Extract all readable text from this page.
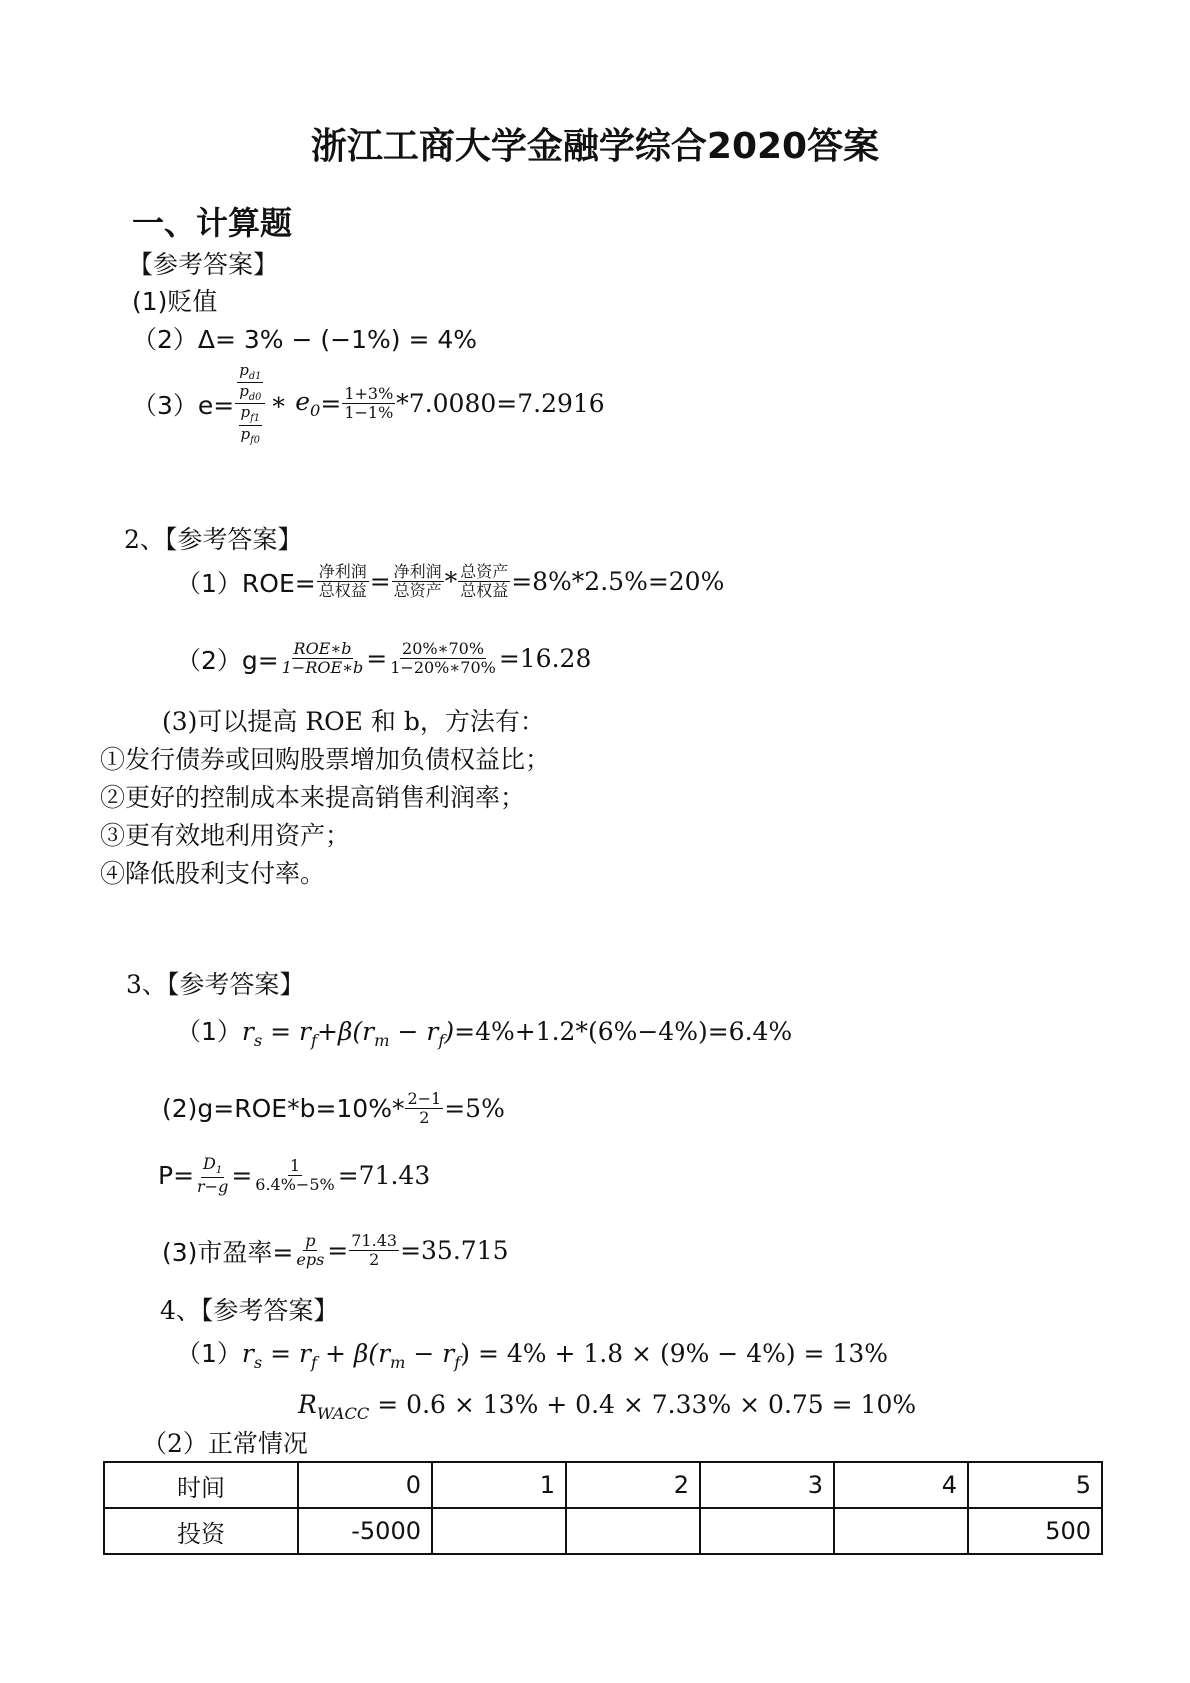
浙江工商大学金融学综合2020答案
一、计算题
【参考答案】
(1)贬值
（2）Δ= 3% − (−1%) = 4%
$(3)e= \frac{\frac{p_{d1}}{p_{d0}}}{\frac{p_{f1}}{p_{f0}}}$ ∗ $e_0 = \frac{1+3\%}{1-1\%} *7.0080=7.2916$
2、【参考答案】
$(1)ROE= \frac{\text{净利润}}{\text{总权益}} = \frac{\text{净利润}}{\text{总资产}} * \frac{\text{总资产}}{\text{总权益}} =8\%*2.5\%=20\%$
$(2)g= \frac{\text{ROE∗b}}{\text{1−ROE∗b}} = \frac{20\%∗70\%}{1-20\%∗70\%} =16.28$
(3)可以提高 ROE 和 b，方法有：
①发行债券或回购股票增加负债权益比；
②更好的控制成本来提高销售利润率；
③更有效地利用资产；
④降低股利支付率。
3、【参考答案】
$(1)r_s = r_f+\beta(r_m - r_f)=4\%+1.2*(6\%-4\%)=6.4\%$
$(2)g=ROE*b=10\%* \frac{2-1}{2} =5\%$
$P= \frac{D_1}{r-g} = \frac{1}{6.4\%-5\%} =71.43$
(3)市盈率= $\frac{p}{\text{eps}} = \frac{71.43}{2} =35.715$
4、【参考答案】
$(1)r_s = r_f + \beta(r_m - r_f) = 4\% + 1.8 \times (9\% - 4\%) = 13\%$
$R_{WACC} = 0.6 \times 13\% + 0.4 \times 7.33\% \times 0.75 = 10\%$
（2）正常情况
时间	0	1	2	3	4	5
投资	-5000					500
